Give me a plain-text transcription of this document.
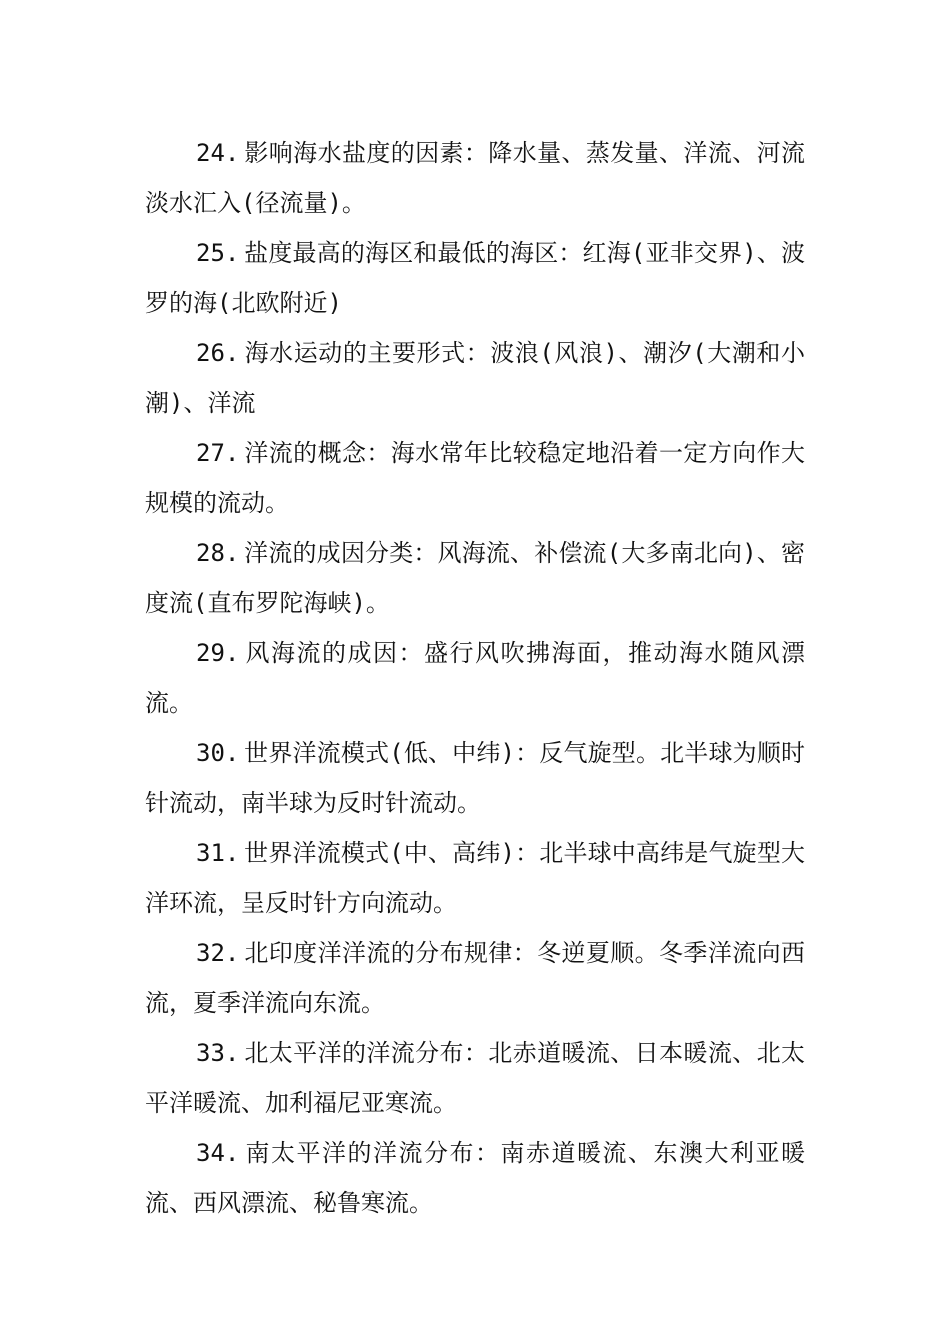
24. 影响海水盐度的因素：降水量、蒸发量、洋流、河流淡水汇入(径流量)。

25. 盐度最高的海区和最低的海区：红海(亚非交界)、波罗的海(北欧附近)

26. 海水运动的主要形式：波浪(风浪)、潮汐(大潮和小潮)、洋流

27. 洋流的概念：海水常年比较稳定地沿着一定方向作大规模的流动。

28. 洋流的成因分类：风海流、补偿流(大多南北向)、密度流(直布罗陀海峡)。

29. 风海流的成因：盛行风吹拂海面，推动海水随风漂流。

30. 世界洋流模式(低、中纬)：反气旋型。北半球为顺时针流动，南半球为反时针流动。

31. 世界洋流模式(中、高纬)：北半球中高纬是气旋型大洋环流，呈反时针方向流动。

32. 北印度洋洋流的分布规律：冬逆夏顺。冬季洋流向西流，夏季洋流向东流。

33. 北太平洋的洋流分布：北赤道暖流、日本暖流、北太平洋暖流、加利福尼亚寒流。

34. 南太平洋的洋流分布：南赤道暖流、东澳大利亚暖流、西风漂流、秘鲁寒流。
